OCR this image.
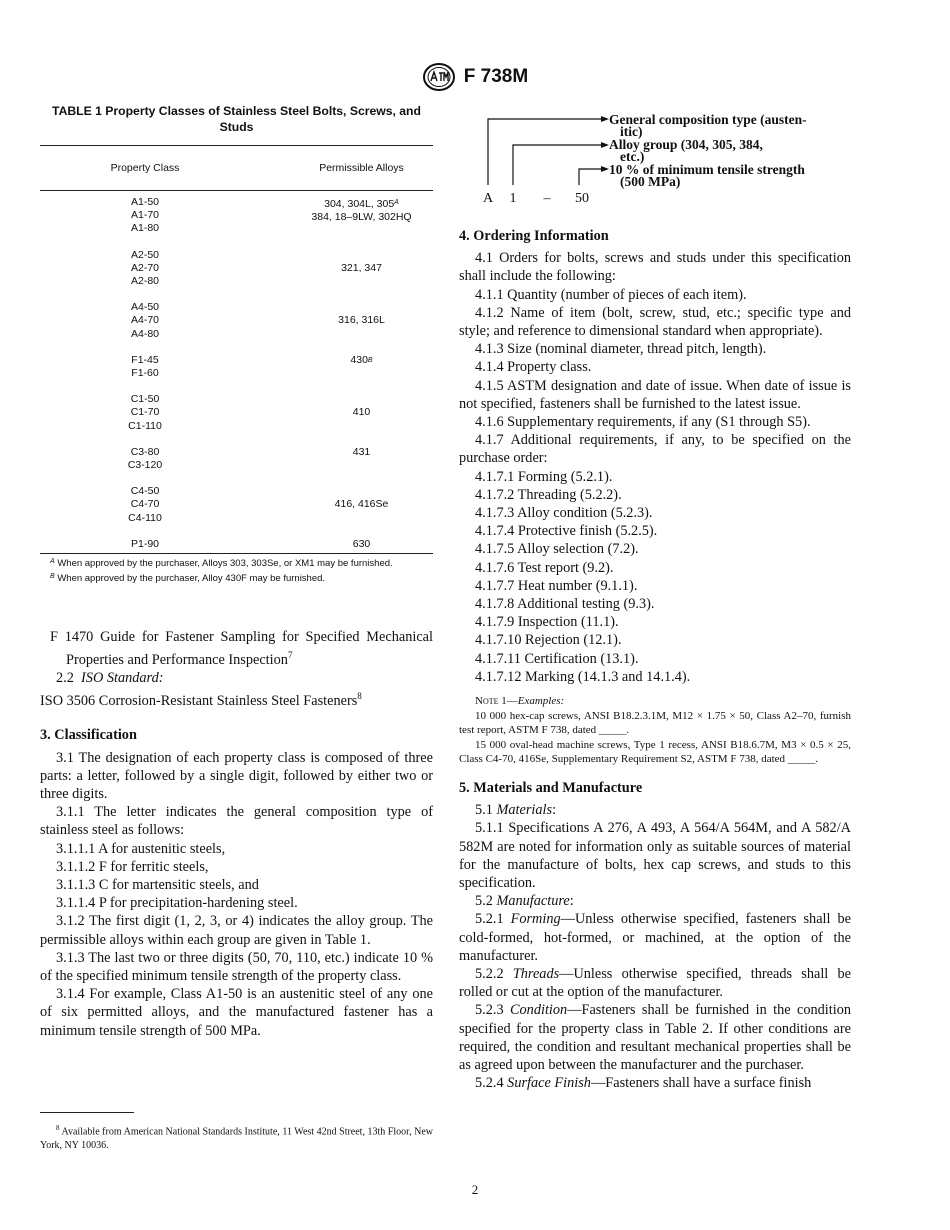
F 738M
TABLE 1 Property Classes of Stainless Steel Bolts, Screws, and Studs
Property Class	Permissible Alloys
A1-50
A1-70
A1-80
304, 304L, 305$^A$
384, 18–9LW, 302HQ
A2-50
A2-70
A2-80
321, 347
A4-50
A4-70
A4-80
316, 316L
F1-45
F1-60
430 B
C1-50
C1-70
C1-110
410
C3-80
C3-120
431
C4-50
C4-70
C4-110
416, 416Se
P1-90	630
$^A$ When approved by the purchaser, Alloys 303, 303Se, or XM1 may be furnished.
$^B$ When approved by the purchaser, Alloy 430F may be furnished.

F 1470 Guide for Fastener Sampling for Specified Mechanical Properties and Performance Inspection$^7$

2.2 ISO Standard:

ISO 3506 Corrosion-Resistant Stainless Steel Fasteners$^8$

3. Classification

3.1 The designation of each property class is composed of three parts: a letter, followed by a single digit, followed by either two or three digits.

3.1.1 The letter indicates the general composition type of stainless steel as follows:

3.1.1.1 A for austenitic steels,

3.1.1.2 F for ferritic steels,

3.1.1.3 C for martensitic steels, and

3.1.1.4 P for precipitation-hardening steel.

3.1.2 The first digit (1, 2, 3, or 4) indicates the alloy group. The permissible alloys within each group are given in Table 1.

3.1.3 The last two or three digits (50, 70, 110, etc.) indicate 10 % of the specified minimum tensile strength of the property class.

3.1.4 For example, Class A1-50 is an austenitic steel of any one of six permitted alloys, and the manufactured fastener has a minimum tensile strength of 500 MPa.

$^8$ Available from American National Standards Institute, 11 West 42nd Street, 13th Floor, New York, NY 10036.
General composition type (austen-
itic)
Alloy group (304, 305, 384,
etc.)
10 % of minimum tensile strength
(500 MPa)
A 1 – 50
4. Ordering Information

4.1 Orders for bolts, screws and studs under this specification shall include the following:

4.1.1 Quantity (number of pieces of each item).

4.1.2 Name of item (bolt, screw, stud, etc.; specific type and style; and reference to dimensional standard when appropriate).

4.1.3 Size (nominal diameter, thread pitch, length).

4.1.4 Property class.

4.1.5 ASTM designation and date of issue. When date of issue is not specified, fasteners shall be furnished to the latest issue.

4.1.6 Supplementary requirements, if any (S1 through S5).

4.1.7 Additional requirements, if any, to be specified on the purchase order:

4.1.7.1 Forming (5.2.1).

4.1.7.2 Threading (5.2.2).

4.1.7.3 Alloy condition (5.2.3).

4.1.7.4 Protective finish (5.2.5).

4.1.7.5 Alloy selection (7.2).

4.1.7.6 Test report (9.2).

4.1.7.7 Heat number (9.1.1).

4.1.7.8 Additional testing (9.3).

4.1.7.9 Inspection (11.1).

4.1.7.10 Rejection (12.1).

4.1.7.11 Certification (13.1).

4.1.7.12 Marking (14.1.3 and 14.1.4).

Note 1—Examples:

10 000 hex-cap screws, ANSI B18.2.3.1M, M12 × 1.75 × 50, Class A2–70, furnish test report, ASTM F 738, dated _____.

15 000 oval-head machine screws, Type 1 recess, ANSI B18.6.7M, M3 × 0.5 × 25, Class C4-70, 416Se, Supplementary Requirement S2, ASTM F 738, dated _____.

5. Materials and Manufacture

5.1 Materials:

5.1.1 Specifications A 276, A 493, A 564/A 564M, and A 582/A 582M are noted for information only as suitable sources of material for the manufacture of bolts, hex cap screws, and studs to this specification.

5.2 Manufacture:

5.2.1 Forming—Unless otherwise specified, fasteners shall be cold-formed, hot-formed, or machined, at the option of the manufacturer.

5.2.2 Threads—Unless otherwise specified, threads shall be rolled or cut at the option of the manufacturer.

5.2.3 Condition—Fasteners shall be furnished in the condition specified for the property class in Table 2. If other conditions are required, the condition and resultant mechanical properties shall be as agreed upon between the manufacturer and the purchaser.

5.2.4 Surface Finish—Fasteners shall have a surface finish

2
